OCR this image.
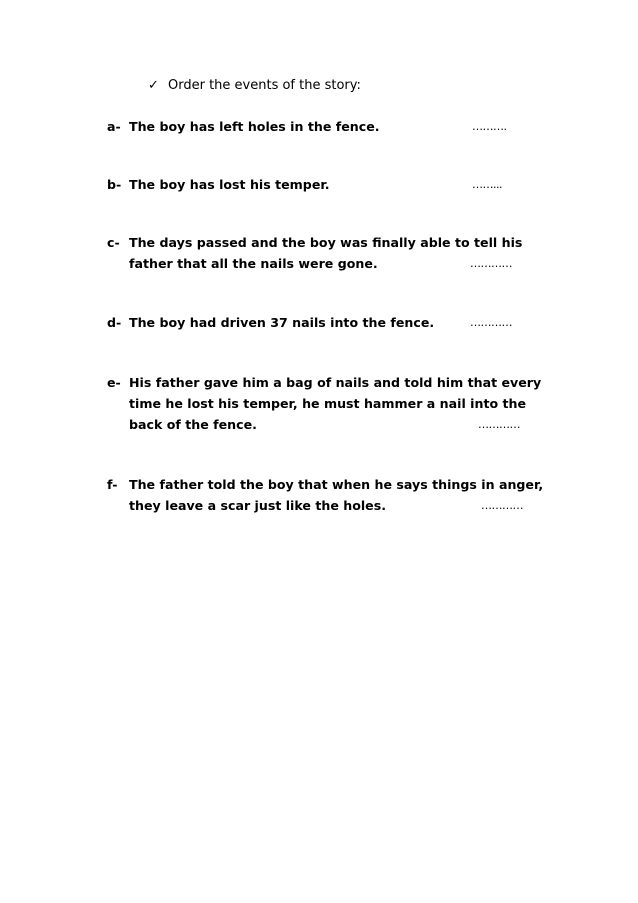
✓ Order the events of the story:
a- The boy has left holes in the fence.	……….
b- The boy has lost his temper.	……...
c- The days passed and the boy was finally able to tell his
father that all the nails were gone.	…………
d- The boy had driven 37 nails into the fence.	…………
e- His father gave him a bag of nails and told him that every
time he lost his temper, he must hammer a nail into the
back of the fence.	…………
f- The father told the boy that when he says things in anger,
they leave a scar just like the holes.	…………
